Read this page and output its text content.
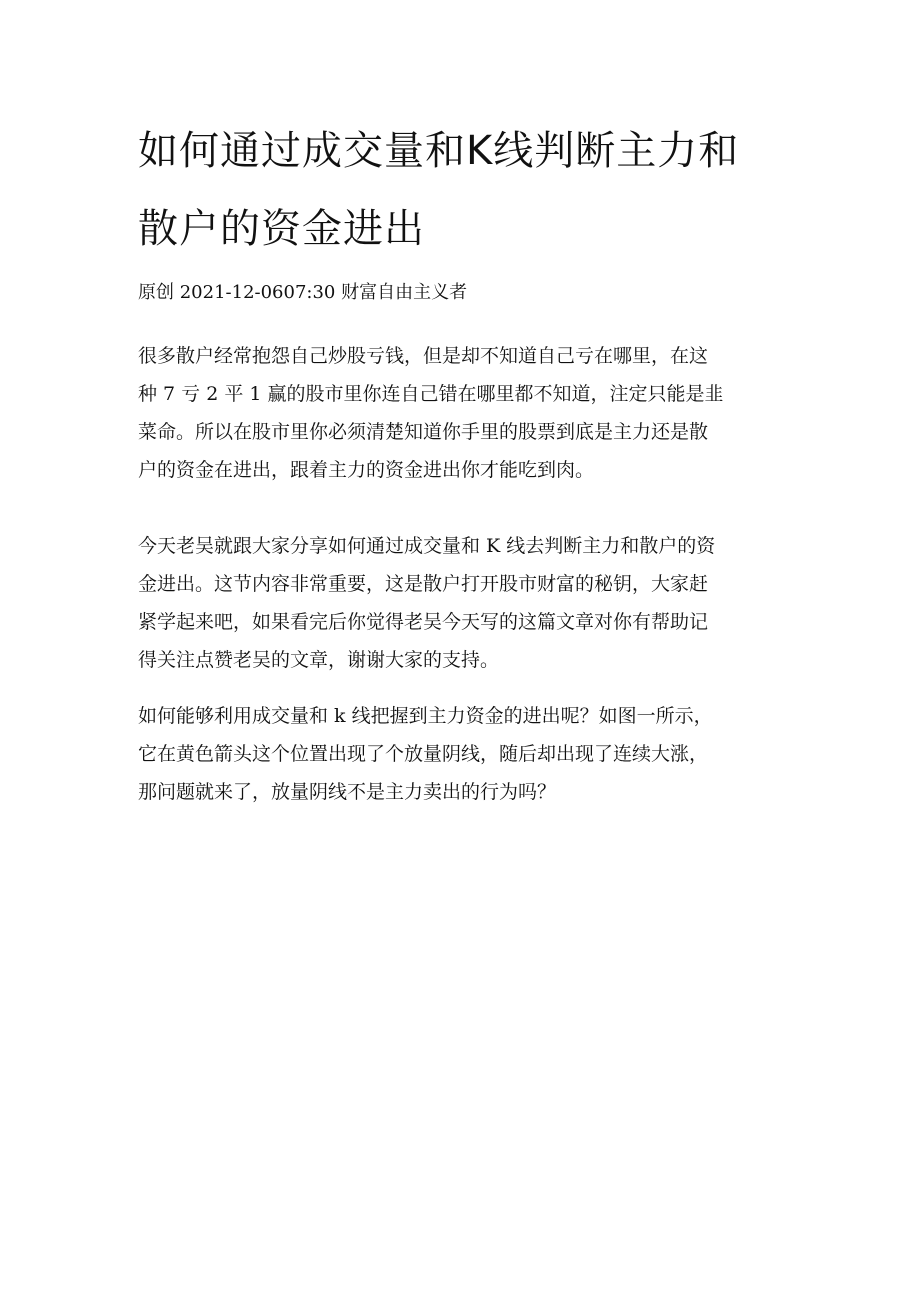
如何通过成交量和K线判断主力和
散户的资金进出
原创 2021-12-0607:30 财富自由主义者
很多散户经常抱怨自己炒股亏钱，但是却不知道自己亏在哪里，在这
种 7 亏 2 平 1 赢的股市里你连自己错在哪里都不知道，注定只能是韭
菜命。所以在股市里你必须清楚知道你手里的股票到底是主力还是散
户的资金在进出，跟着主力的资金进出你才能吃到肉。
今天老吴就跟大家分享如何通过成交量和 K 线去判断主力和散户的资
金进出。这节内容非常重要，这是散户打开股市财富的秘钥，大家赶
紧学起来吧，如果看完后你觉得老吴今天写的这篇文章对你有帮助记
得关注点赞老吴的文章，谢谢大家的支持。
如何能够利用成交量和 k 线把握到主力资金的进出呢？如图一所示，
它在黄色箭头这个位置出现了个放量阴线，随后却出现了连续大涨，
那问题就来了，放量阴线不是主力卖出的行为吗？
